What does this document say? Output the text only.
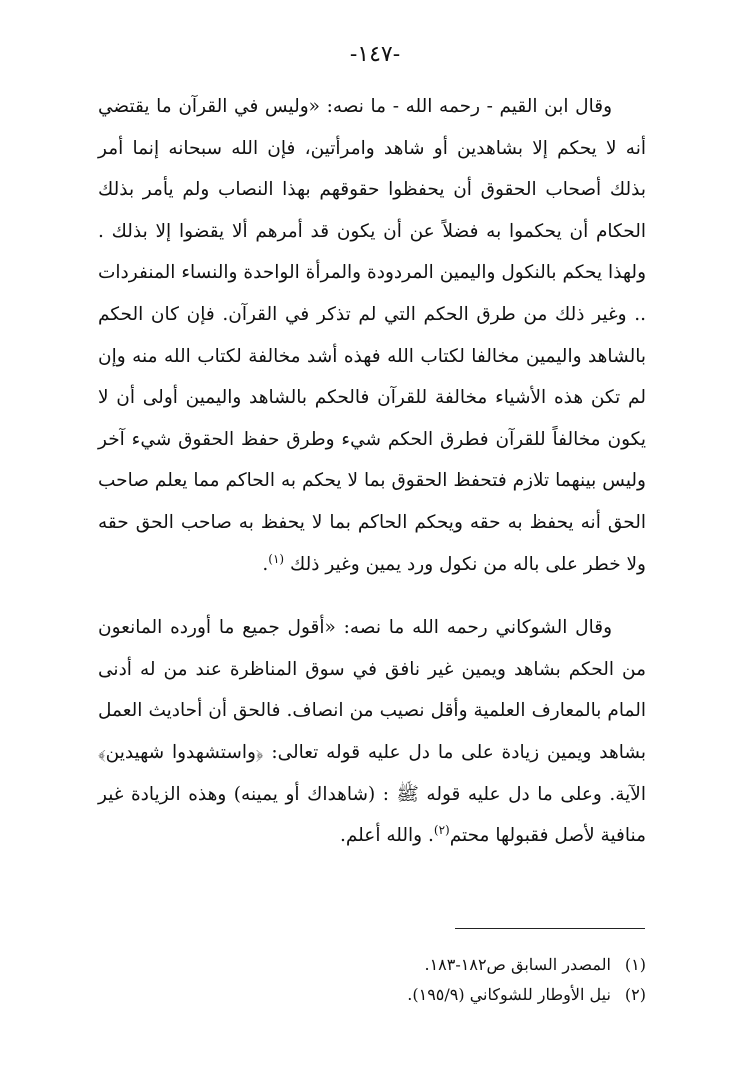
-١٤٧-

وقال ابن القيم - رحمه الله - ما نصه: «وليس في القرآن ما يقتضي أنه لا يحكم إلا بشاهدين أو شاهد وامرأتين، فإن الله سبحانه إنما أمر بذلك أصحاب الحقوق أن يحفظوا حقوقهم بهذا النصاب ولم يأمر بذلك الحكام أن يحكموا به فضلاً عن أن يكون قد أمرهم ألا يقضوا إلا بذلك . ولهذا يحكم بالنكول واليمين المردودة والمرأة الواحدة والنساء المنفردات .. وغير ذلك من طرق الحكم التي لم تذكر في القرآن. فإن كان الحكم بالشاهد واليمين مخالفا لكتاب الله فهذه أشد مخالفة لكتاب الله منه وإن لم تكن هذه الأشياء مخالفة للقرآن فالحكم بالشاهد واليمين أولى أن لا يكون مخالفاً للقرآن فطرق الحكم شيء وطرق حفظ الحقوق شيء آخر وليس بينهما تلازم فتحفظ الحقوق بما لا يحكم به الحاكم مما يعلم صاحب الحق أنه يحفظ به حقه ويحكم الحاكم بما لا يحفظ به صاحب الحق حقه ولا خطر على باله من نكول ورد يمين وغير ذلك $^{(١)}$.

وقال الشوكاني رحمه الله ما نصه: «أقول جميع ما أورده المانعون من الحكم بشاهد ويمين غير نافق في سوق المناظرة عند من له أدنى المام بالمعارف العلمية وأقل نصيب من انصاف. فالحق أن أحاديث العمل بشاهد ويمين زيادة على ما دل عليه قوله تعالى: ﴿واستشهدوا شهيدين﴾ الآية. وعلى ما دل عليه قوله ﷺ : (شاهداك أو يمينه) وهذه الزيادة غير منافية لأصل فقبولها محتم$^{(٢)}$. والله أعلم.

(١)
المصدر السابق ص١٨٢-١٨٣.
(٢)
نيل الأوطار للشوكاني (١٩٥/٩).
